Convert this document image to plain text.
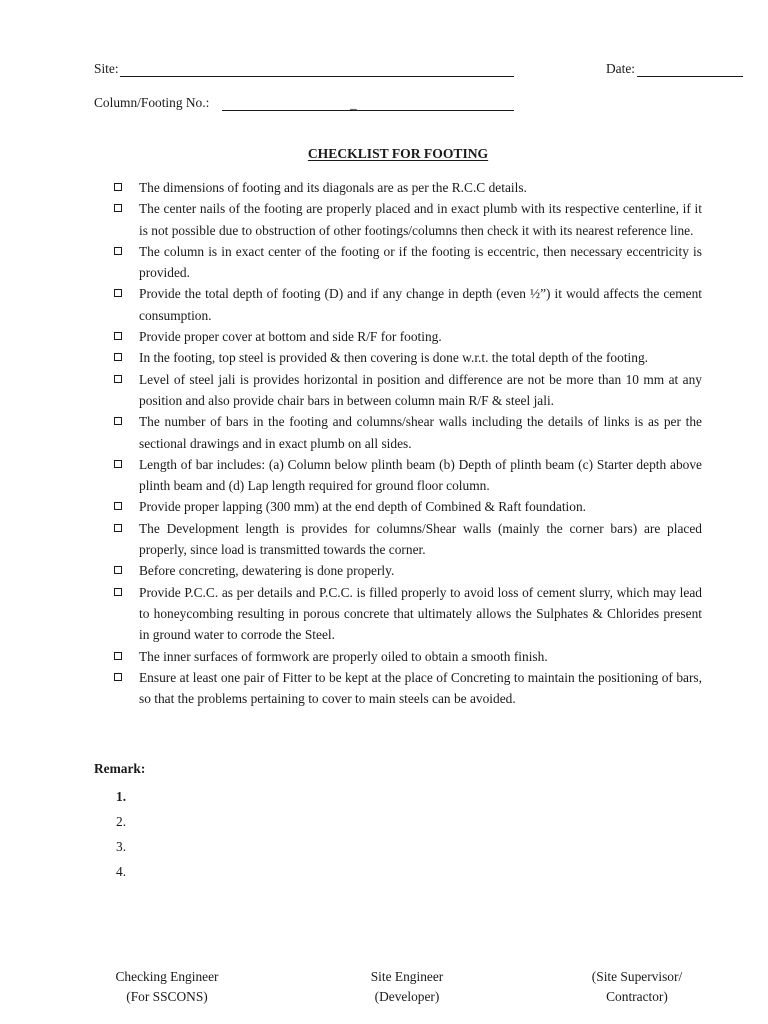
Site:	Date:
Column/Footing No.:	_
CHECKLIST FOR FOOTING
The dimensions of footing and its diagonals are as per the R.C.C details.
The center nails of the footing are properly placed and in exact plumb with its respective centerline, if it is not possible due to obstruction of other footings/columns then check it with its nearest reference line.
The column is in exact center of the footing or if the footing is eccentric, then necessary eccentricity is provided.
Provide the total depth of footing (D) and if any change in depth (even ½”) it would affects the cement consumption.
Provide proper cover at bottom and side R/F for footing.
In the footing, top steel is provided & then covering is done w.r.t. the total depth of the footing.
Level of steel jali is provides horizontal in position and difference are not be more than 10 mm at any position and also provide chair bars in between column main R/F & steel jali.
The number of bars in the footing and columns/shear walls including the details of links is as per the sectional drawings and in exact plumb on all sides.
Length of bar includes: (a) Column below plinth beam (b) Depth of plinth beam (c) Starter depth above plinth beam and (d) Lap length required for ground floor column.
Provide proper lapping (300 mm) at the end depth of Combined & Raft foundation.
The Development length is provides for columns/Shear walls (mainly the corner bars) are placed properly, since load is transmitted towards the corner.
Before concreting, dewatering is done properly.
Provide P.C.C. as per details and P.C.C. is filled properly to avoid loss of cement slurry, which may lead to honeycombing resulting in porous concrete that ultimately allows the Sulphates & Chlorides present in ground water to corrode the Steel.
The inner surfaces of formwork are properly oiled to obtain a smooth finish.
Ensure at least one pair of Fitter to be kept at the place of Concreting to maintain the positioning of bars, so that the problems pertaining to cover to main steels can be avoided.
Remark:
1.
2.
3.
4.
Checking Engineer
(For SSCONS)
Site Engineer
(Developer)
(Site Supervisor/
Contractor)
